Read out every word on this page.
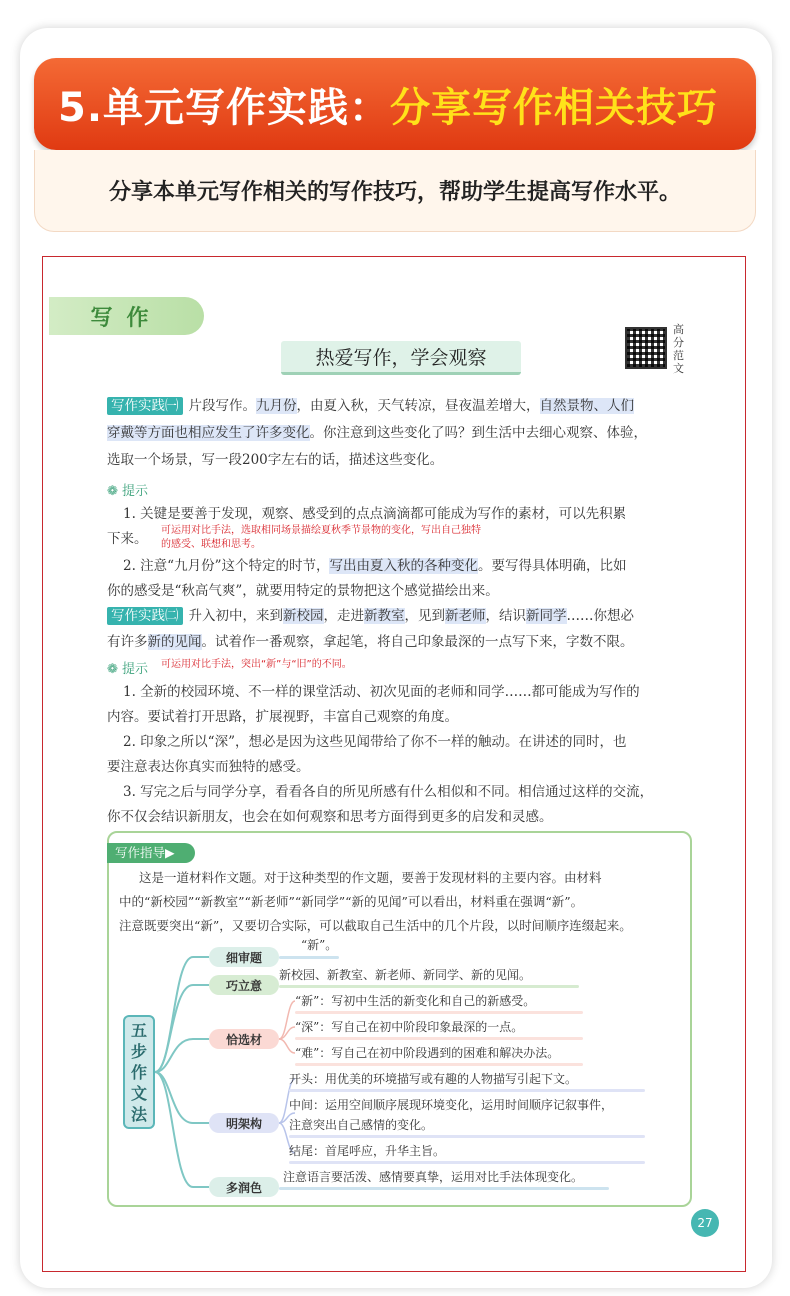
5.单元写作实践：分享写作相关技巧
分享本单元写作相关的写作技巧，帮助学生提高写作水平。
写作
热爱写作，学会观察
高分范文
写作实践㈠ 片段写作。九月份，由夏入秋，天气转凉，昼夜温差增大，自然景物、人们
穿戴等方面也相应发生了许多变化。你注意到这些变化了吗？到生活中去细心观察、体验，
选取一个场景，写一段200字左右的话，描述这些变化。
❁ 提示
1. 关键是要善于发现，观察、感受到的点点滴滴都可能成为写作的素材，可以先积累
下来。
可运用对比手法，选取相同场景描绘夏秋季节景物的变化，写出自己独特
的感受、联想和思考。
2. 注意“九月份”这个特定的时节，写出由夏入秋的各种变化。要写得具体明确，比如
你的感受是“秋高气爽”，就要用特定的景物把这个感觉描绘出来。
写作实践㈡ 升入初中，来到新校园，走进新教室，见到新老师，结识新同学……你想必
有许多新的见闻。试着作一番观察，拿起笔，将自己印象最深的一点写下来，字数不限。
❁ 提示 可运用对比手法，突出“新”与“旧”的不同。
1. 全新的校园环境、不一样的课堂活动、初次见面的老师和同学……都可能成为写作的
内容。要试着打开思路，扩展视野，丰富自己观察的角度。
2. 印象之所以“深”，想必是因为这些见闻带给了你不一样的触动。在讲述的同时，也
要注意表达你真实而独特的感受。
3. 写完之后与同学分享，看看各自的所见所感有什么相似和不同。相信通过这样的交流，
你不仅会结识新朋友，也会在如何观察和思考方面得到更多的启发和灵感。
写作指导▶
这是一道材料作文题。对于这种类型的作文题，要善于发现材料的主要内容。由材料
中的“新校园”“新教室”“新老师”“新同学”“新的见闻”可以看出，材料重在强调“新”。
注意既要突出“新”，又要切合实际，可以截取自己生活中的几个片段，以时间顺序连缀起来。
五步作文法
细审题
“新”。
巧立意
新校园、新教室、新老师、新同学、新的见闻。
恰选材
“新”：写初中生活的新变化和自己的新感受。
“深”：写自己在初中阶段印象最深的一点。
“难”：写自己在初中阶段遇到的困难和解决办法。
明架构
开头：用优美的环境描写或有趣的人物描写引起下文。
中间：运用空间顺序展现环境变化，运用时间顺序记叙事件，
注意突出自己感情的变化。
结尾：首尾呼应，升华主旨。
多润色
注意语言要活泼、感情要真挚，运用对比手法体现变化。
27
